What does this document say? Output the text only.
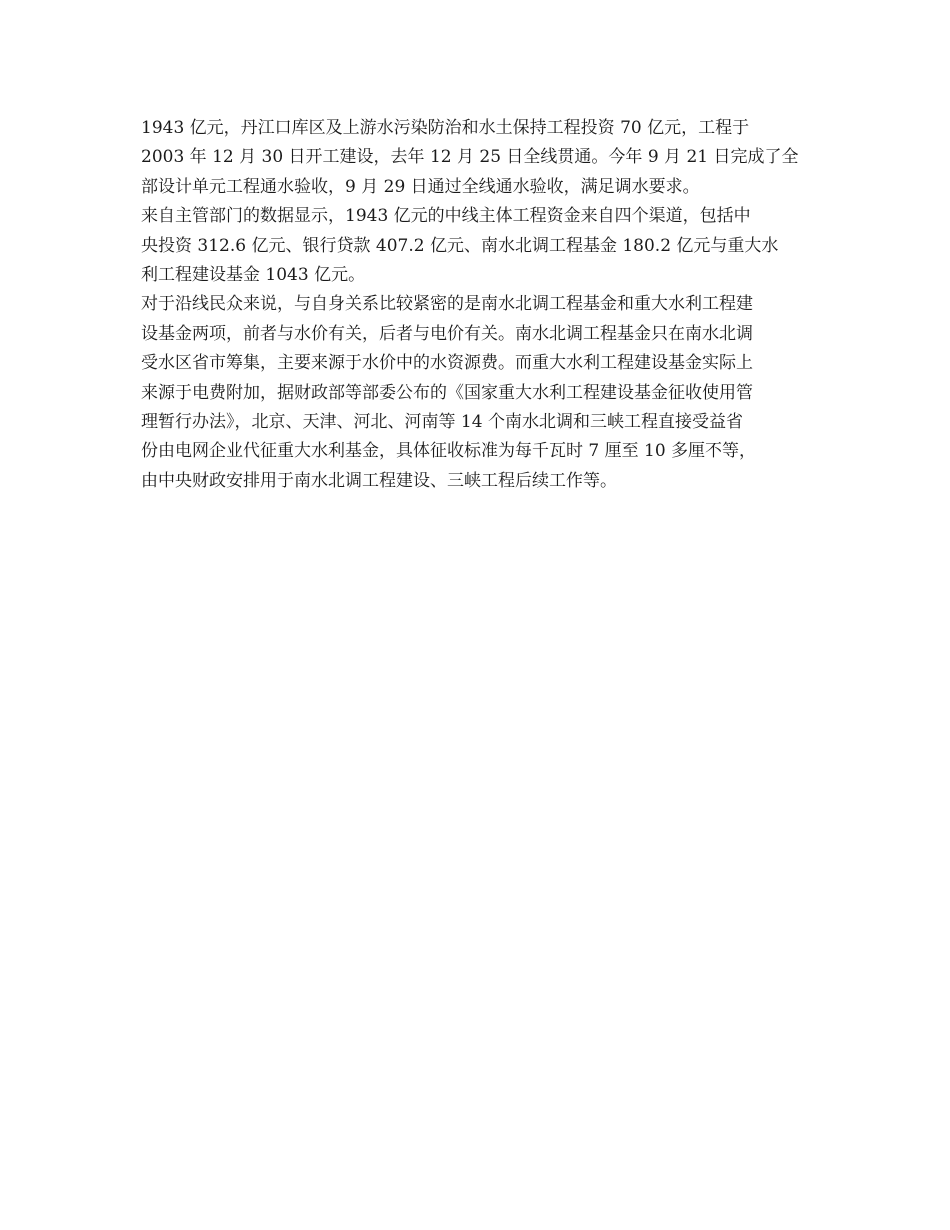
1943 亿元，丹江口库区及上游水污染防治和水土保持工程投资 70 亿元，工程于
2003 年 12 月 30 日开工建设，去年 12 月 25 日全线贯通。今年 9 月 21 日完成了全
部设计单元工程通水验收，9 月 29 日通过全线通水验收，满足调水要求。
来自主管部门的数据显示，1943 亿元的中线主体工程资金来自四个渠道，包括中
央投资 312.6 亿元、银行贷款 407.2 亿元、南水北调工程基金 180.2 亿元与重大水
利工程建设基金 1043 亿元。
对于沿线民众来说，与自身关系比较紧密的是南水北调工程基金和重大水利工程建
设基金两项，前者与水价有关，后者与电价有关。南水北调工程基金只在南水北调
受水区省市筹集，主要来源于水价中的水资源费。而重大水利工程建设基金实际上
来源于电费附加，据财政部等部委公布的《国家重大水利工程建设基金征收使用管
理暂行办法》，北京、天津、河北、河南等 14 个南水北调和三峡工程直接受益省
份由电网企业代征重大水利基金，具体征收标准为每千瓦时 7 厘至 10 多厘不等，
由中央财政安排用于南水北调工程建设、三峡工程后续工作等。
